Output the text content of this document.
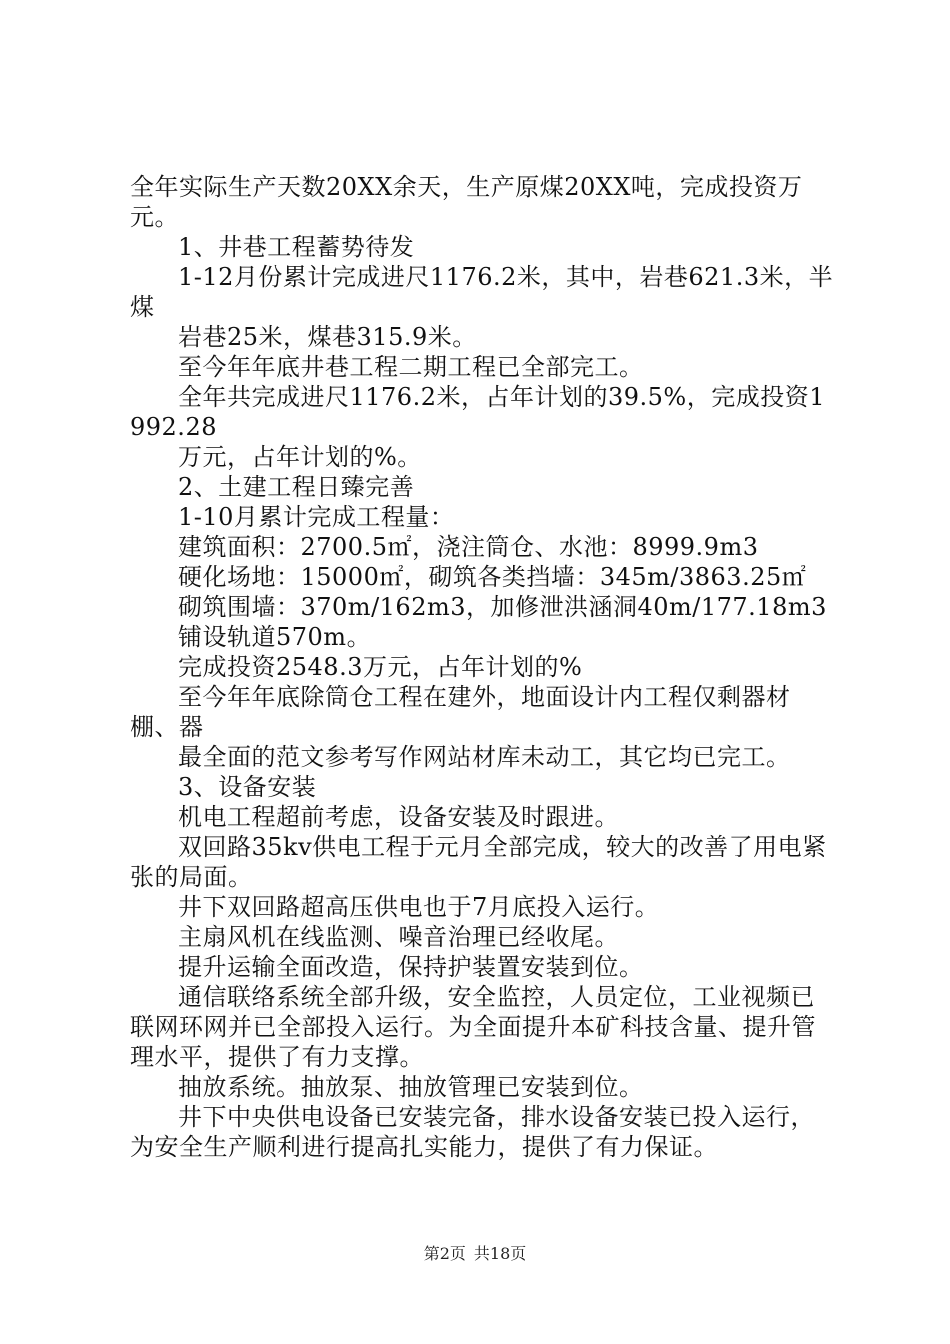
全年实际生产天数20XX余天，生产原煤20XX吨，完成投资万元。

1、井巷工程蓄势待发

1-12月份累计完成进尺1176.2米，其中，岩巷621.3米，半煤

岩巷25米，煤巷315.9米。

至今年年底井巷工程二期工程已全部完工。

全年共完成进尺1176.2米，占年计划的39.5%，完成投资1992.28

万元，占年计划的%。

2、土建工程日臻完善

1-10月累计完成工程量：

建筑面积：2700.5㎡，浇注筒仓、水池：8999.9m3

硬化场地：15000㎡，砌筑各类挡墙：345m/3863.25㎡

砌筑围墙：370m/162m3，加修泄洪涵洞40m/177.18m3

铺设轨道570m。

完成投资2548.3万元，占年计划的%

至今年年底除筒仓工程在建外，地面设计内工程仅剩器材棚、器

最全面的范文参考写作网站材库未动工，其它均已完工。

3、设备安装

机电工程超前考虑，设备安装及时跟进。

双回路35kv供电工程于元月全部完成，较大的改善了用电紧张的局面。

井下双回路超高压供电也于7月底投入运行。

主扇风机在线监测、噪音治理已经收尾。

提升运输全面改造，保持护装置安装到位。

通信联络系统全部升级，安全监控，人员定位，工业视频已联网环网并已全部投入运行。为全面提升本矿科技含量、提升管理水平，提供了有力支撑。

抽放系统。抽放泵、抽放管理已安装到位。

井下中央供电设备已安装完备，排水设备安装已投入运行，为安全生产顺利进行提高扎实能力，提供了有力保证。

第2页 共18页
